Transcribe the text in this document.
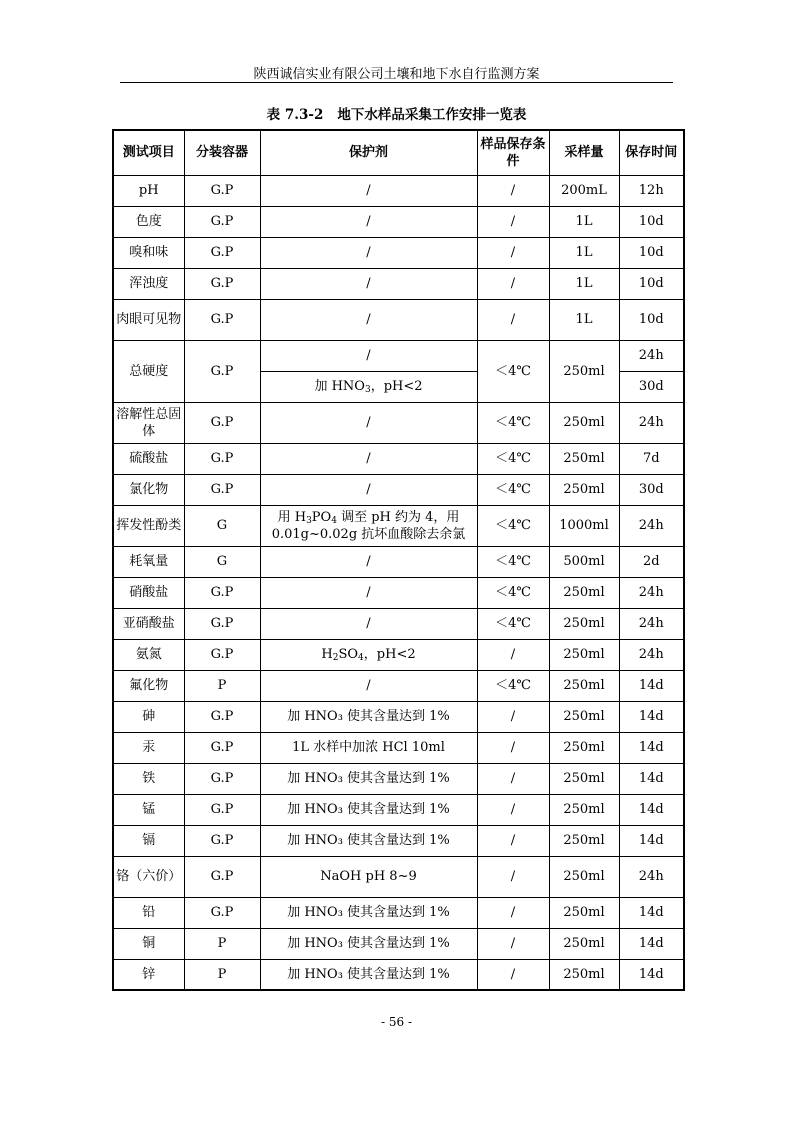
陕西诚信实业有限公司土壤和地下水自行监测方案
表 7.3-2 地下水样品采集工作安排一览表
测试项目	分装容器	保护剂	样品保存条件	采样量	保存时间
pH	G.P	/	/	200mL	12h
色度	G.P	/	/	1L	10d
嗅和味	G.P	/	/	1L	10d
浑浊度	G.P	/	/	1L	10d
肉眼可见物	G.P	/	/	1L	10d
总硬度	G.P	/	＜4℃	250ml	24h
		加 $HNO_3$，pH<2			30d
溶解性总固体	G.P	/	＜4℃	250ml	24h
硫酸盐	G.P	/	＜4℃	250ml	7d
氯化物	G.P	/	＜4℃	250ml	30d
挥发性酚类	G	用 $H_3PO_4$ 调至 pH 约为 4，用
0.01g~0.02g 抗坏血酸除去余氯	＜4℃	1000ml	24h
耗氧量	G	/	＜4℃	500ml	2d
硝酸盐	G.P	/	＜4℃	250ml	24h
亚硝酸盐	G.P	/	＜4℃	250ml	24h
氨氮	G.P	$H_2SO_4$，pH<2	/	250ml	24h
氟化物	P	/	＜4℃	250ml	14d
砷	G.P	加 HNO₃ 使其含量达到 1%	/	250ml	14d
汞	G.P	1L 水样中加浓 HCl 10ml	/	250ml	14d
铁	G.P	加 HNO₃ 使其含量达到 1%	/	250ml	14d
锰	G.P	加 HNO₃ 使其含量达到 1%	/	250ml	14d
镉	G.P	加 HNO₃ 使其含量达到 1%	/	250ml	14d
铬（六价）	G.P	NaOH pH 8~9	/	250ml	24h
铅	G.P	加 HNO₃ 使其含量达到 1%	/	250ml	14d
铜	P	加 HNO₃ 使其含量达到 1%	/	250ml	14d
锌	P	加 HNO₃ 使其含量达到 1%	/	250ml	14d
- 56 -
